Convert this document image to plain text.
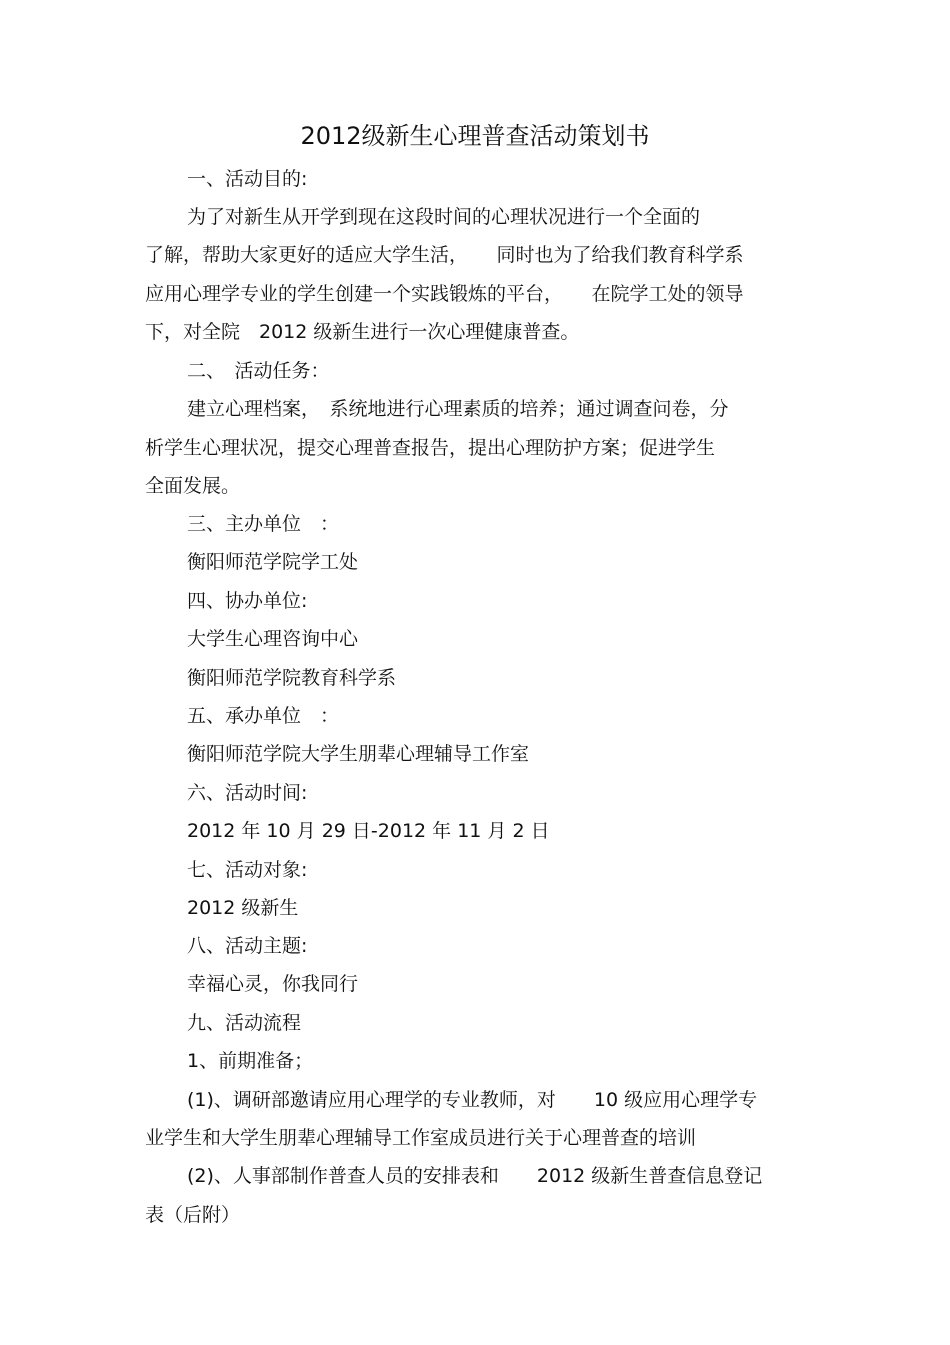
2012级新生心理普查活动策划书
一、活动目的:
为了对新生从开学到现在这段时间的心理状况进行一个全面的
了解，帮助大家更好的适应大学生活，　　同时也为了给我们教育科学系
应用心理学专业的学生创建一个实践锻炼的平台，　　在院学工处的领导
下，对全院　2012 级新生进行一次心理健康普查。
二、　活动任务：
建立心理档案，　系统地进行心理素质的培养；通过调查问卷，分
析学生心理状况，提交心理普查报告，提出心理防护方案；促进学生
全面发展。
三、主办单位　：
衡阳师范学院学工处
四、协办单位:
大学生心理咨询中心
衡阳师范学院教育科学系
五、承办单位　：
衡阳师范学院大学生朋辈心理辅导工作室
六、活动时间:
2012 年 10 月 29 日-2012 年 11 月 2 日
七、活动对象:
2012 级新生
八、活动主题:
幸福心灵，你我同行
九、活动流程
1、前期准备；
(1)、调研部邀请应用心理学的专业教师，对　　10 级应用心理学专
业学生和大学生朋辈心理辅导工作室成员进行关于心理普查的培训
(2)、人事部制作普查人员的安排表和　　2012 级新生普查信息登记
表（后附）
